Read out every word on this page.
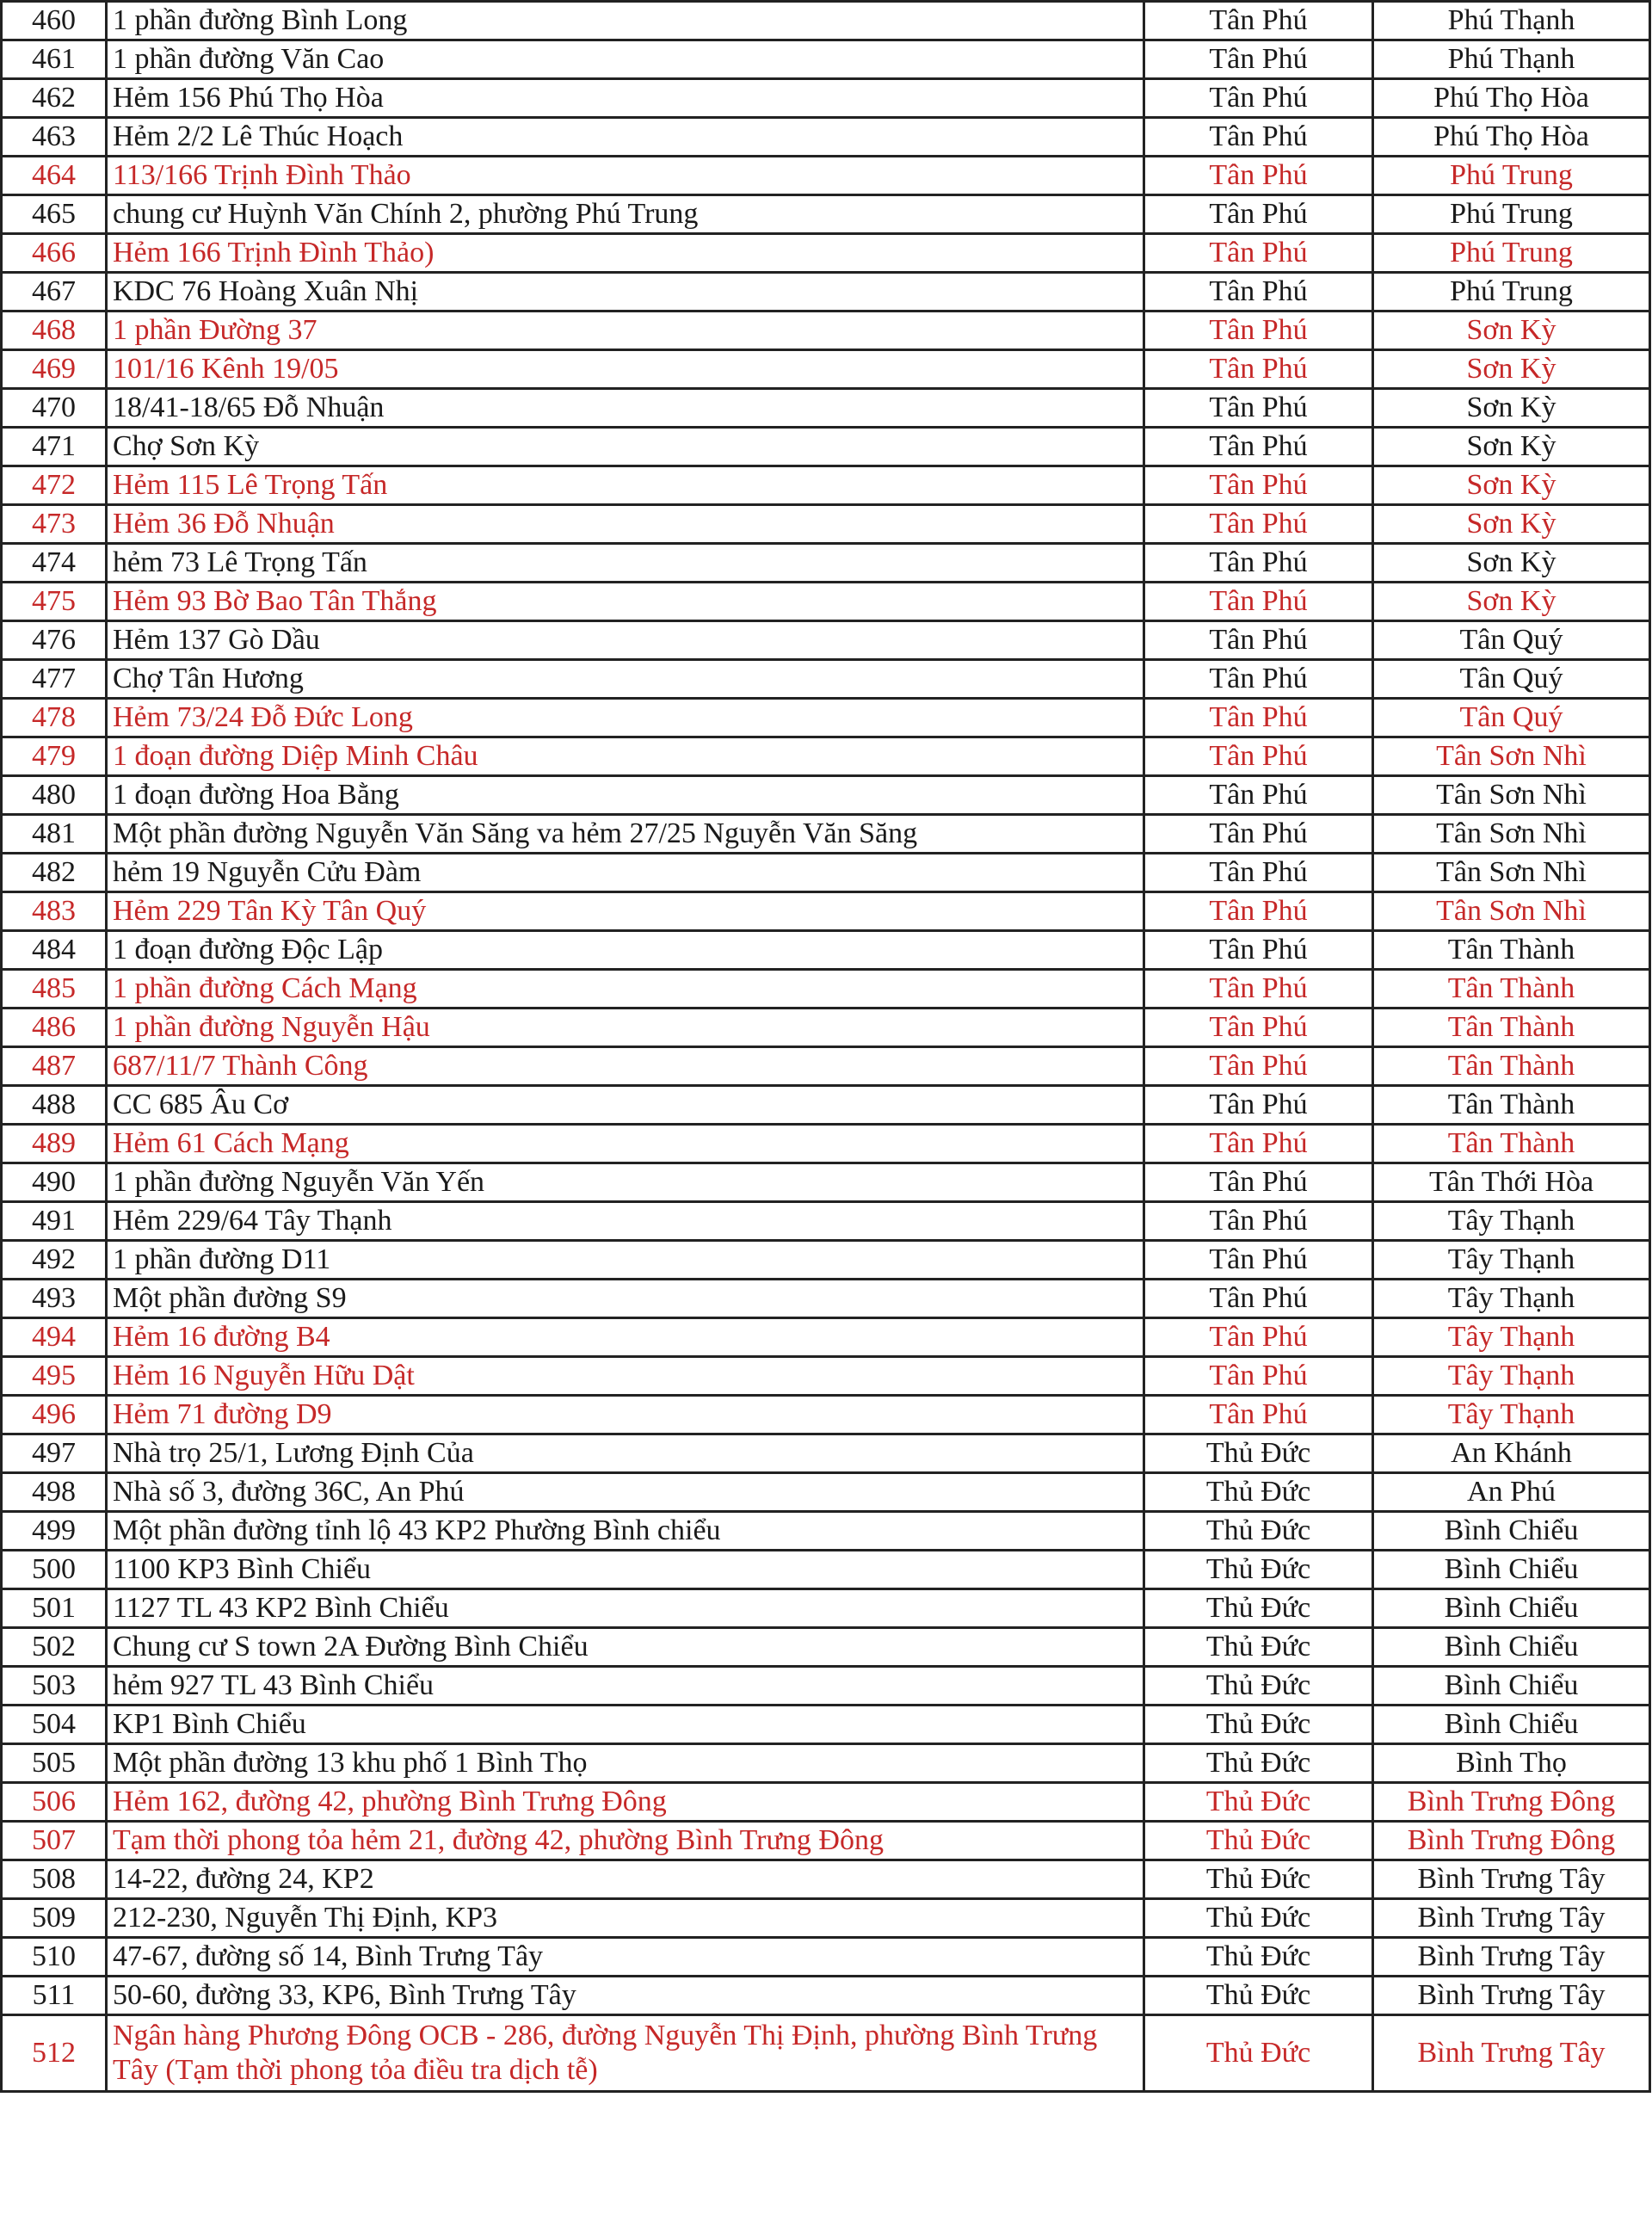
460	1 phần đường Bình Long	Tân Phú	Phú Thạnh
461	1 phần đường Văn Cao	Tân Phú	Phú Thạnh
462	Hẻm 156 Phú Thọ Hòa	Tân Phú	Phú Thọ Hòa
463	Hẻm 2/2 Lê Thúc Hoạch	Tân Phú	Phú Thọ Hòa
464	113/166 Trịnh Đình Thảo	Tân Phú	Phú Trung
465	chung cư Huỳnh Văn Chính 2, phường Phú Trung	Tân Phú	Phú Trung
466	Hẻm 166 Trịnh Đình Thảo)	Tân Phú	Phú Trung
467	KDC 76 Hoàng Xuân Nhị	Tân Phú	Phú Trung
468	1 phần Đường 37	Tân Phú	Sơn Kỳ
469	101/16 Kênh 19/05	Tân Phú	Sơn Kỳ
470	18/41-18/65 Đỗ Nhuận	Tân Phú	Sơn Kỳ
471	Chợ Sơn Kỳ	Tân Phú	Sơn Kỳ
472	Hẻm 115 Lê Trọng Tấn	Tân Phú	Sơn Kỳ
473	Hẻm 36 Đỗ Nhuận	Tân Phú	Sơn Kỳ
474	hẻm 73 Lê Trọng Tấn	Tân Phú	Sơn Kỳ
475	Hẻm 93 Bờ Bao Tân Thắng	Tân Phú	Sơn Kỳ
476	Hẻm 137 Gò Dầu	Tân Phú	Tân Quý
477	Chợ Tân Hương	Tân Phú	Tân Quý
478	Hẻm 73/24 Đỗ Đức Long	Tân Phú	Tân Quý
479	1 đoạn đường Diệp Minh Châu	Tân Phú	Tân Sơn Nhì
480	1 đoạn đường Hoa Bằng	Tân Phú	Tân Sơn Nhì
481	Một phần đường Nguyễn Văn Săng va hẻm 27/25 Nguyễn Văn Săng	Tân Phú	Tân Sơn Nhì
482	hẻm 19 Nguyễn Cửu Đàm	Tân Phú	Tân Sơn Nhì
483	Hẻm 229 Tân Kỳ Tân Quý	Tân Phú	Tân Sơn Nhì
484	1 đoạn đường Độc Lập	Tân Phú	Tân Thành
485	1 phần đường Cách Mạng	Tân Phú	Tân Thành
486	1 phần đường Nguyễn Hậu	Tân Phú	Tân Thành
487	687/11/7 Thành Công	Tân Phú	Tân Thành
488	CC 685 Âu Cơ	Tân Phú	Tân Thành
489	Hẻm 61 Cách Mạng	Tân Phú	Tân Thành
490	1 phần đường Nguyễn Văn Yến	Tân Phú	Tân Thới Hòa
491	Hẻm 229/64 Tây Thạnh	Tân Phú	Tây Thạnh
492	1 phần đường D11	Tân Phú	Tây Thạnh
493	Một phần đường S9	Tân Phú	Tây Thạnh
494	Hẻm 16 đường B4	Tân Phú	Tây Thạnh
495	Hẻm 16 Nguyễn Hữu Dật	Tân Phú	Tây Thạnh
496	Hẻm 71 đường D9	Tân Phú	Tây Thạnh
497	Nhà trọ 25/1, Lương Định Của	Thủ Đức	An Khánh
498	Nhà số 3, đường 36C, An Phú	Thủ Đức	An Phú
499	Một phần đường tỉnh lộ 43 KP2 Phường Bình chiểu	Thủ Đức	Bình Chiểu
500	1100 KP3 Bình Chiểu	Thủ Đức	Bình Chiểu
501	1127 TL 43 KP2 Bình Chiểu	Thủ Đức	Bình Chiểu
502	Chung cư S town 2A Đường Bình Chiểu	Thủ Đức	Bình Chiểu
503	hẻm 927 TL 43 Bình Chiểu	Thủ Đức	Bình Chiểu
504	KP1 Bình Chiểu	Thủ Đức	Bình Chiểu
505	Một phần đường 13 khu phố 1 Bình Thọ	Thủ Đức	Bình Thọ
506	Hẻm 162, đường 42, phường Bình Trưng Đông	Thủ Đức	Bình Trưng Đông
507	Tạm thời phong tỏa hẻm 21, đường 42, phường Bình Trưng Đông	Thủ Đức	Bình Trưng Đông
508	14-22, đường 24, KP2	Thủ Đức	Bình Trưng Tây
509	212-230, Nguyễn Thị Định, KP3	Thủ Đức	Bình Trưng Tây
510	47-67, đường số 14, Bình Trưng Tây	Thủ Đức	Bình Trưng Tây
511	50-60, đường 33, KP6, Bình Trưng Tây	Thủ Đức	Bình Trưng Tây
512	Ngân hàng Phương Đông OCB - 286, đường Nguyễn Thị Định, phường Bình Trưng Tây (Tạm thời phong tỏa điều tra dịch tễ)	Thủ Đức	Bình Trưng Tây
